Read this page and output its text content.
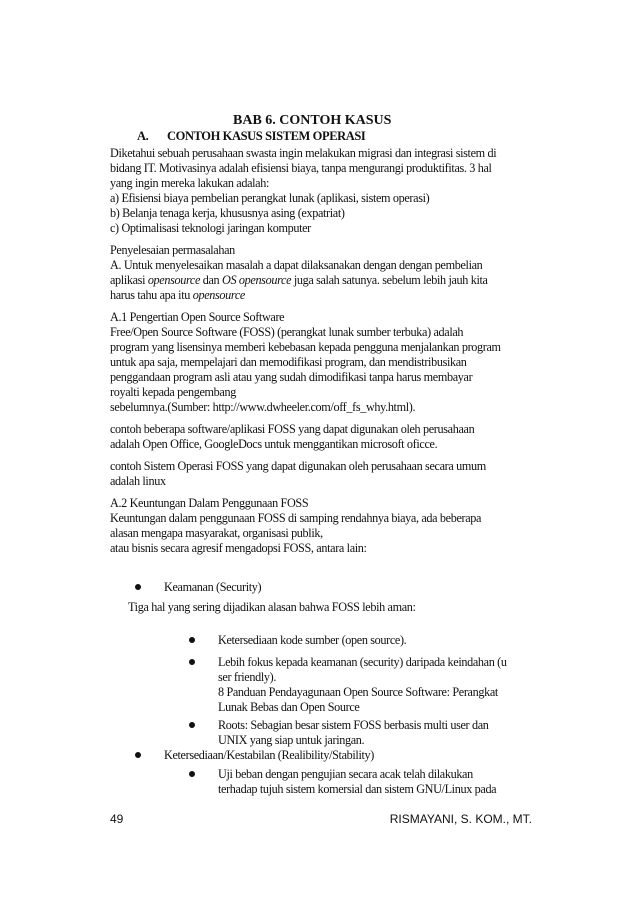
BAB 6. CONTOH KASUS
A. CONTOH KASUS SISTEM OPERASI
Diketahui sebuah perusahaan swasta ingin melakukan migrasi dan integrasi sistem di
bidang IT. Motivasinya adalah efisiensi biaya, tanpa mengurangi produktifitas. 3 hal
yang ingin mereka lakukan adalah:
a) Efisiensi biaya pembelian perangkat lunak (aplikasi, sistem operasi)
b) Belanja tenaga kerja, khususnya asing (expatriat)
c) Optimalisasi teknologi jaringan komputer
Penyelesaian permasalahan
A. Untuk menyelesaikan masalah a dapat dilaksanakan dengan dengan pembelian
aplikasi opensource dan OS opensource juga salah satunya. sebelum lebih jauh kita
harus tahu apa itu opensource
A.1 Pengertian Open Source Software
Free/Open Source Software (FOSS) (perangkat lunak sumber terbuka) adalah
program yang lisensinya memberi kebebasan kepada pengguna menjalankan program
untuk apa saja, mempelajari dan memodifikasi program, dan mendistribusikan
penggandaan program asli atau yang sudah dimodifikasi tanpa harus membayar
royalti kepada pengembang
sebelumnya.(Sumber: http://www.dwheeler.com/off_fs_why.html).
contoh beberapa software/aplikasi FOSS yang dapat digunakan oleh perusahaan
adalah Open Office, GoogleDocs untuk menggantikan microsoft oficce.
contoh Sistem Operasi FOSS yang dapat digunakan oleh perusahaan secara umum
adalah linux
A.2 Keuntungan Dalam Penggunaan FOSS
Keuntungan dalam penggunaan FOSS di samping rendahnya biaya, ada beberapa
alasan mengapa masyarakat, organisasi publik,
atau bisnis secara agresif mengadopsi FOSS, antara lain:
Keamanan (Security)
Tiga hal yang sering dijadikan alasan bahwa FOSS lebih aman:
Ketersediaan kode sumber (open source).
Lebih fokus kepada keamanan (security) daripada keindahan (u
ser friendly).
8 Panduan Pendayagunaan Open Source Software: Perangkat
Lunak Bebas dan Open Source
Roots: Sebagian besar sistem FOSS berbasis multi user dan
UNIX yang siap untuk jaringan.
Ketersediaan/Kestabilan (Realibility/Stability)
Uji beban dengan pengujian secara acak telah dilakukan
terhadap tujuh sistem komersial dan sistem GNU/Linux pada
49	RISMAYANI, S. KOM., MT.
